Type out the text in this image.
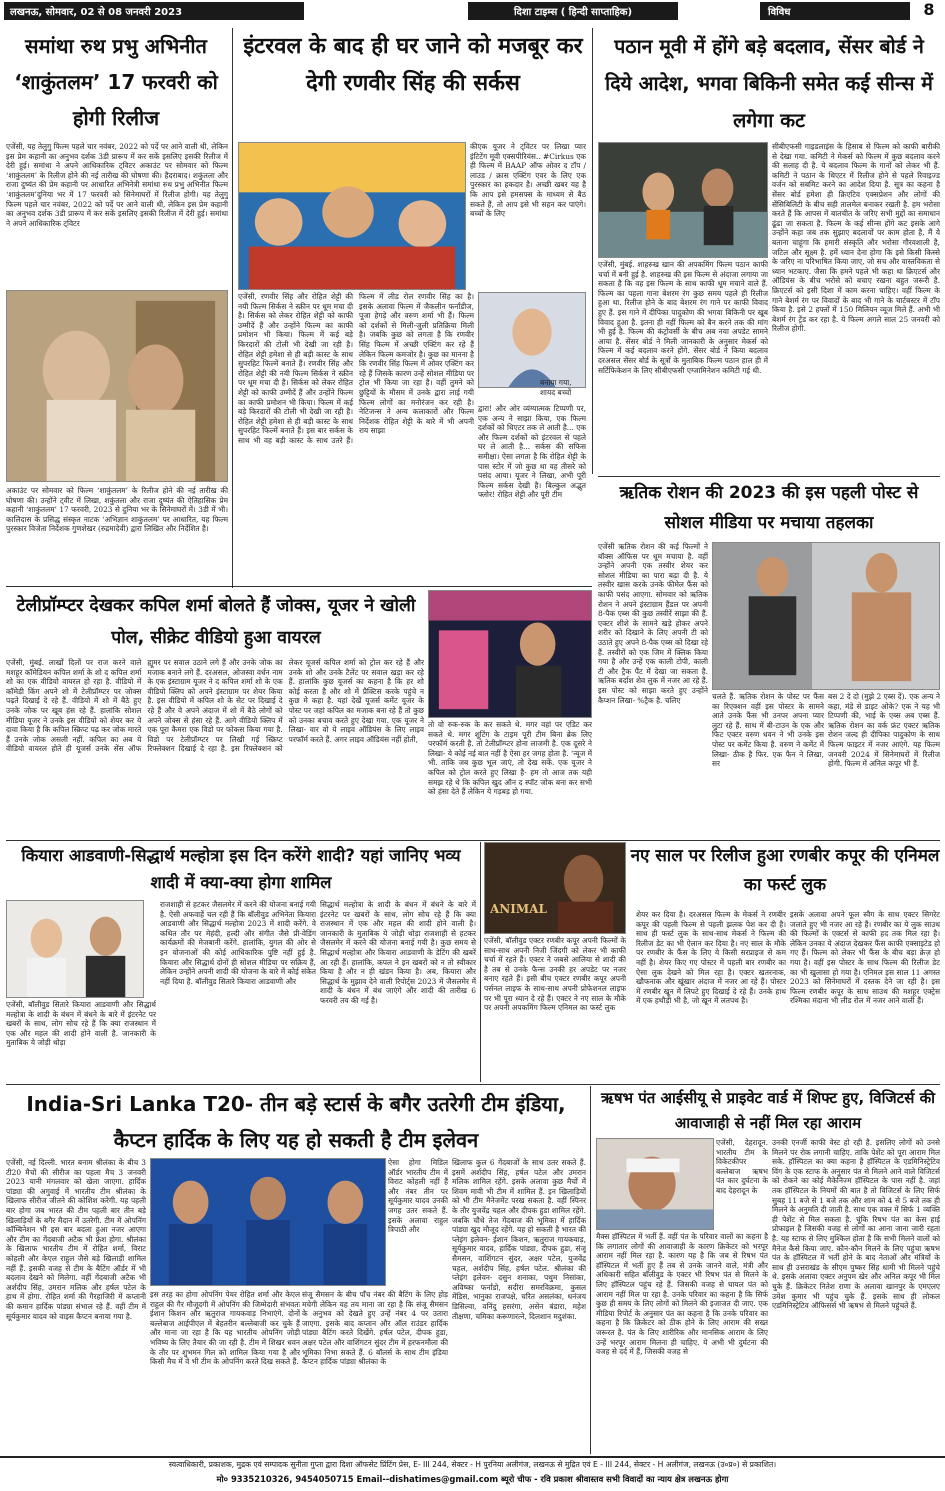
लखनऊ, सोमवार, 02 से 08 जनवरी 2023	दिशा टाइम्स ( हिन्दी साप्ताहिक)	विविध	8
समांथा रुथ प्रभु अभिनीत ‘शाकुंतलम’ 17 फरवरी को होगी रिलीज
एजेंसी, यह तेलुगु फिल्म पहले चार नवंबर, 2022 को पर्दे पर आने वाली थी, लेकिन इस प्रेम कहानी का अनुभव दर्शक 3डी प्रारूप में कर सकें इसलिए इसकी रिलीज में देरी हुई। समांथा ने अपने आधिकारिक ट्विटर अकाउंट पर सोमवार को फिल्म ‘शाकुंतलम’ के रिलीज होने की नई तारीख की घोषणा की। हैदराबाद। शकुंतला और राजा दुष्यंत की प्रेम कहानी पर आधारित अभिनेत्री समांथा रुथ प्रभु अभिनीत फिल्म ‘शाकुंतलम’दुनिया भर में 17 फरवरी को सिनेमाघरों में रिलीज होगी। यह तेलुगु फिल्म पहले चार नवंबर, 2022 को पर्दे पर आने वाली थी, लेकिन इस प्रेम कहानी का अनुभव दर्शक 3डी प्रारूप में कर सकें इसलिए इसकी रिलीज में देरी हुई। समांथा ने अपने आधिकारिक ट्विटर
अकाउंट पर सोमवार को फिल्म ‘शाकुंतलम’ के रिलीज होने की नई तारीख की घोषणा की। उन्होंने ट्वीट में लिखा, शकुंतला और राजा दुष्यंत की ऐतिहासिक प्रेम कहानी ‘शाकुंतलम’ 17 फरवरी, 2023 से दुनिया भर के सिनेमाघरों में। 3डी में भी। कालिदास के प्रसिद्ध संस्कृत नाटक ‘अभिज्ञान शाकुंतलम’ पर आधारित, यह फिल्म पुरस्कार विजेता निर्देशक गुणशेखर (रुद्रमादेवी) द्वारा लिखित और निर्देशित है।
इंटरवल के बाद ही घर जाने को मजबूर कर देगी रणवीर सिंह की सर्कस
कीएक यूजर ने ट्विटर पर लिखा प्यार इंटिटेंग मूवी एक्सपीरियंस.. #Cirkus एक ही फिल्म में BAAP ऑफ ओवर द टॉप / लाउड / क्रास एक्टिंग एवर के लिए एक पुरस्कार का हकदार है। अच्छी खबर यह है कि आप इसे हमसफ्स के माध्यम से बैठ सकते हैं, तो आप इसे भी सहन कर पाएंगे। बच्चों के लिए
एजेंसी, रणवीर सिंह और रोहित शेट्टी की नयी फिल्म सिर्कस ने स्क्रीन पर धूम मचा दी है। सिर्कस को लेकर रोहित शेट्टी को काफी उम्मीदें हैं और उन्होंने फिल्म का काफी प्रमोशन भी किया। फिल्म में कई बड़े किरदारों की टोली भी देखी जा रही है। रोहित शेट्टी हमेशा से ही बड़ी कास्ट के साथ सुपरहिट फिल्में बनाते हैं। रणवीर सिंह और रोहित शेट्टी की नयी फिल्म सिर्कस ने स्क्रीन पर धूम मचा दी है। सिर्कस को लेकर रोहित शेट्टी को काफी उम्मीदें हैं और उन्होंने फिल्म का काफी प्रमोशन भी किया। फिल्म में कई बड़े किरदारों की टोली भी देखी जा रही है। रोहित शेट्टी हमेशा से ही बड़ी कास्ट के साथ सुपरहिट फिल्में बनाते हैं। इस बार सर्कस के साथ भी वह बड़ी कास्ट के साथ उतरे हैं। फिल्म में लीड रोल रणवीर सिंह का है। इसके अलावा फिल्म में जैकलीन फर्नांडीज, पूजा हेगड़े और वरुण शर्मा भी हैं। फिल्म को दर्शकों से मिली-जुली प्रतिक्रिया मिली है। जबकि कुछ को लगता है कि रणवीर सिंह फिल्म में अच्छी एक्टिंग कर रहे हैं लेकिन फिल्म कमजोर है। कुछ का मानना है कि रणवीर सिंह फिल्म में ओवर एक्टिंग कर रहे हैं जिसके कारण उन्हें सोशल मीडिया पर ट्रोल भी किया जा रहा है। वहीं तुमने को छुट्टियों के मौसम में उनके द्वारा लाई गयी फिल्म लोगों का मनोरंजन कर रही है। नेटिजन्स ने अन्य कलाकारों और फिल्म निर्देशक रोहित शेट्टी के बारे में भी अपनी राय साझा
बनाया गया, शायद बच्चों
द्वारा! और ओर व्यंग्यात्मक टिप्पणी पर, एक अन्य ने साझा किया, एक फिल्म दर्शकों को थिएटर तक ले आती है... एक और फिल्म दर्शकों को इंटरवल से पहले घर ले आती है... सर्कस की सफिस समीक्षा। ऐसा लगता है कि रोहित शेट्टी के पास स्टोर में जो कुछ था वह तीसरे को पसंद आया। यूजर ने लिखा, अभी पूरी फिल्म सर्कस देखी है। बिल्कुल अद्भुत फ्लोर! रोहित शेट्टी और पूरी टीम
पठान मूवी में होंगे बड़े बदलाव, सेंसर बोर्ड ने दिये आदेश, भगवा बिकिनी समेत कई सीन्स में लगेगा कट
एजेंसी, मुंबई. शाहरुख खान की अपकमिंग फिल्म पठान काफी चर्चा में बनी हुई है. शाहरुख की इस फिल्म से अंदाजा लगाया जा सकता है कि वह इस फिल्म के साथ काफी धूम मचाने वाले हैं. फिल्म का पहला गाना बेशरम रंग कुछ समय पहले ही रिलीज हुआ था. रिलीज होने के बाद बेशरम रंग गाने पर काफी विवाद हुए हैं. इस गाने में दीपिका पादुकोण की भगवा बिकिनी पर खूब विवाद हुआ है. इतना ही नहीं फिल्म को बैन करने तक की मांग भी हुई है. फिल्म की कंट्रोवर्सी के बीच अब नया अपडेट सामने आया है. सेंसर बोर्ड ने मिली जानकारी के अनुसार मेकर्स को फिल्म में कई बदलाव करने होंगे. सेंसर बोर्ड ने किया बदलाव दरअसल सेंसर बोर्ड के सूत्रों के मुताबिक फिल्म पठान हाल ही में सर्टिफिकेशन के लिए सीबीएफसी एग्जामिनेशन कमिटी गई थी.
सीबीएफसी गाइडलाइंस के हिसाब से फिल्म को काफी बारीकी से देखा गया. कमिटी ने मेकर्स को फिल्म में कुछ बदलाव करने की सलाह दी है. ये बदलाव फिल्म के गानों को लेकर भी हैं. कमिटी ने पठान के थिएटर में रिलीज होने से पहले रिवाइज्ड वर्जन को सबमिट करने का आदेश दिया है. सूत्र का कहना है सेंसर बोर्ड हमेशा ही क्रिएटिव एक्सप्रेशन और लोगों की सेंसिबिलिटी के बीच सही तालमेल बनाकर रखती है. हम भरोसा करते हैं कि आपस में बातचीत के जरिए सभी मुद्दों का समाधान ढूंढा जा सकता है. फिल्म के कई सीन्स होंगे कट इसके आगे उन्होंने कहा जब तक सुझाए बदलावों पर काम होता है, मैं ये बताना चाहूंगा कि हमारी संस्कृति और भरोसा गौरवशाली है, जटिल और सूक्ष्म है. हमें ध्यान देना होगा कि इसे किसी किस्से के जरिए ना परिभाषित किया जाए, जो सच और वास्तविकता से ध्यान भटकाए. जैसा कि हमने पहले भी कहा था क्रिएटर्स और ऑडियंस के बीच भरोसे को बचाए रखना बहुत जरूरी है. क्रिएटर्स को इसी दिशा में काम करना चाहिए। वहीं फिल्म के गाने बेशर्म रंग पर विवादों के बाद भी गाने के चार्टबस्टर में टॉप किया है. इसे 2 हफ्तों में 150 मिलियन व्यूज मिले हैं. अभी भी बेशर्म रंग ट्रेंड कर रहा है. ये फिल्म अगले साल 25 जनवरी को रिलीज होगी.
ऋतिक रोशन की 2023 की इस पहली पोस्ट से सोशल मीडिया पर मचाया तहलका
एजेंसी ऋतिक रोशन की कई फिल्मों ने बॉक्स ऑफिस पर धूम मचाया है. वहीं उन्होंने अपनी एक तस्वीर शेयर कर सोशल मीडिया का पारा बढ़ा दी है. ये तस्वीर खास करके उनके फीमेल फैंस को काफी पसंद आएगा. सोमवार को ऋतिक रोशन ने अपने इंस्टाग्राम हैंडल पर अपनी 8-पैक एब्स की कुछ तस्वीरें साझा की हैं. एक्टर शीशे के सामने खड़े होकर अपने शरीर को दिखाने के लिए अपनी टी को उठाते हुए अपने 8-पैक एब्स को दिखा रहे हैं. तस्वीरों को एक जिम में क्लिक किया गया है और उन्हें एक काली टोपी, काली टी और ट्रैक पैंट में देखा जा सकता है. ऋतिक बर्दाश शेव लुक में नजर आ रहे हैं. इस पोस्ट को साझा करते हुए उन्होंने कैप्शन लिखा- %ट्रैक है. चलिए	चलते हैं. ऋतिक रोशन के पोस्ट पर फैंस का रिएक्शन वहीं इस पोस्टर के सामने आते उनके फैंस भी उनपर अपना प्यार लुटा रहे हैं. साथ में बी-टाउन के एक और फिट एक्टर वरुण धवन ने भी उनके इस पोस्ट पर कमेंट किया है. वरुण ने कमेंट में लिखा- ठीक है फिर. एक फैन ने लिखा, सर
बस 2 दे दो (मुझे 2 एब्स दें). एक अन्य ने कहा, मंडे से डाइट ओके? एक ने यह भी टिप्पणी की, भाई के एब्स अब एब्स हैं. ऋतिक रोशन का वर्क फ्रंट एक्टर ऋतिक रोशन जल्द ही दीपिका पादुकोण के साथ फिल्म फाइटर में नजर आएंगे. यह फिल्म जनवरी 2024 में सिनेमाघरों में रिलीज होगी. फिल्म में अनिल कपूर भी हैं.
टेलीप्रॉम्प्टर देखकर कपिल शर्मा बोलते हैं जोक्स, यूजर ने खोली पोल, सीक्रेट वीडियो हुआ वायरल
एजेंसी, मुंबई. लाखों दिलों पर राज करने वाले मशहूर कॉमेडियन कपिल शर्मा के शो द कपिल शर्मा शो का एक वीडियो वायरल हो रहा है. वीडियो में कॉमेडी किंग अपने शो में टेलीप्रॉम्प्टर पर जोक्स पढ़ते दिखाई दे रहे हैं. वीडियो में शो में बैठे हुए उनके जोक पर खूब हंस रहे हैं. हालांकि सोशल मीडिया यूजर ने उनके इस वीडियो को शेयर कर ये दावा किया है कि कपिल स्क्रिप्ट पढ़ कर जोक मारते हैं उनके जोक असली नहीं. कपिल का अब ये वीडियो वायरल होते ही यूजर्स उनके सेंस ऑफ ह्यूमर पर सवाल उठाने लगे हैं और उनके जोक का मजाक बनाने लगे हैं. दरअसल, ओजस्वा वर्धन नाम के एक इंस्टाग्राम यूजर ने द कपिल शर्मा शो के एक वीडियो क्लिप को अपने इंस्टाग्राम पर शेयर किया है. इस वीडियो में कपिल शो के सेट पर दिखाई दे रहे हैं और वे अपने अंदाज में शो में बैठे लोगों को अपने जोक्स से हंसा रहे हैं. आगे वीडियो क्लिप में एक पूरा कैमरा एक विडो पर फोकस किया गया है. विडो पर टेलीप्रॉम्प्टर पर लिखी गई स्क्रिप्ट रिफ्लेक्शन दिखाई दे रहा है. इस रिफ्लेक्शन को लेकर यूजर्स कपिल शर्मा को ट्रोल कर रहे हैं और उनके शो और उनके टैलेंट पर सवाल खड़ा कर रहे हैं. हालांकि कुछ यूजर्स का कहना है कि हर शो कोई करता है और शो में प्रैक्टिस करके पहुंचे न कुछ मे कहा है. यहां देखें यूजर्स कमेंट यूजर के पोस्ट पर जहां कपिल का मजाक बना रहे हैं तो कुछ को उनका बचाव करते हुए देखा गया. एक यूजर ने लिखा- वार वो ये लाइव ऑडियंस के लिए लाइव परफॉर्म करते हैं. अगर लाइव ऑडियंस नहीं होती,
तो वो रुक-रुक के कर सकते थे. मगर वहां पर एडिट कर सकते थे. मगर शूटिंग के टाइम पूरी टीम बिना ब्रेक लिए परफॉर्म करती है. तो टेलीप्रॉम्प्टर होना लाजमी है. एक दूसरे ने लिखा- ये कोई नई बात नहीं है ऐसा हर जगह होता है. ‘न्यूज में भी. ताकि जब कुछ भूल जाएं, तो देख सकें. एक यूजर ने कपिल को ट्रोल करते हुए लिखा है- हम तो आज तक यही समझ रहे थे कि कपिल खुद ऑन द स्पॉट जोक बना कर सभी को हंसा देते हैं लेकिन ये गड़बड़ हो गया.
कियारा आडवाणी-सिद्धार्थ मल्होत्रा इस दिन करेंगे शादी? यहां जानिए भव्य शादी में क्या-क्या होगा शामिल
एजेंसी, बॉलीवुड सितारे कियारा आडवाणी और सिद्धार्थ मल्होत्रा के शादी के बंधन में बंधने के बारे में इंटरनेट पर खबरों के साथ, लोग सोच रहे हैं कि क्या राजस्थान में एक और महल की शादी होने वाली है. जानकारी के मुताबिक ये जोड़ी थोड़ा
राजशाही से हटकर जैसलमेर में करने की योजना बनाई गयी है. ऐसी अफवाहें चल रही हैं कि बॉलीवुड अभिनेता कियारा आडवाणी और सिद्धार्थ मल्होत्रा 2023 में शादी करेंगे. वे कथित तौर पर मेहंदी, हल्दी और संगीत जैसे प्री-वेडिंग कार्यक्रमों की मेजबानी करेंगे. हालांकि, युगल की ओर से इन योजनाओं की कोई आधिकारिक पुष्टि नहीं हुई है. कियारा और सिद्धार्थ दोनों ही सोशल मीडिया पर सक्रिय हैं, लेकिन उन्होंने अपनी शादी की योजना के बारे में कोई संकेत नहीं दिया है. बॉलीवुड सितारे कियारा आडवाणी और
सिद्धार्थ मल्होत्रा के शादी के बंधन में बंधने के बारे में इंटरनेट पर खबरों के साथ, लोग सोच रहे हैं कि क्या राजस्थान में एक और महल की शादी होने वाली है। जानकारी के मुताबिक ये जोड़ी थोड़ा राजशाही से हटकर जैसलमेर में करने की योजना बनाई गयी है। कुछ समय से सिद्धार्थ मल्होत्रा और कियारा आडवाणी के डेटिंग की खबरें आ रही हैं। हालांकि, कपल ने इन खबरों को न तो स्वीकार किया है और न ही खंडन किया है। अब, कियारा और सिद्धार्थ के मुझाव देने वाली रिपोर्ट्स 2023 में जैसलमेर में शादी के बंधन में बंध जाएंगे और शादी की तारीख 6 फरवरी तय की गई है।
ANIMAL
नए साल पर रिलीज हुआ रणबीर कपूर की एनिमल का फर्स्ट लुक
एजेंसी, बॉलीवुड एक्टर रणबीर कपूर अपनी फिल्मों के साथ-साथ अपनी निजी जिंदगी को लेकर भी काफी चर्चा में रहते हैं। एक्टर ने जबसे आलिया से शादी की है तब से उनके फैन्स उनकी हर अपडेट पर नजर बनाए रहते हैं। इसी बीच एक्टर रणबीर कपूर अपनी पर्सनल लाइफ के साथ-साथ अपनी प्रोफेशनल लाइफ पर भी पूरा ध्यान दे रहे हैं। एक्टर ने नए साल के मौके पर अपनी अपकमिंग फिल्म एनिमल का फर्स्ट लुक
शेयर कर दिया है। दरअसल फिल्म के मेकर्स ने रणबीर कपूर की पहली फिल्म से पहली झलक पेश कर दी है। साथ ही फर्स्ट लुक के साथ-साथ मेकर्स ने फिल्म की रिलीज डेट का भी ऐलान कर दिया है। नए साल के मौके पर रणबीर के फैंस के लिए ये किसी सरप्राइज से कम नहीं है। शेयर किए गए पोस्टर में पहली बार रणबीर का ऐसा लुक देखने को मिल रहा है। एक्टर खतरनाक, खौफनाक और खूंखार अंदाज में नजर आ रहे हैं। पोस्टर में रणबीर खून में लिपटे हुए दिखाई दे रहे हैं। उनके हाथ में एक हथौड़ी भी है, जो खून में लतपथ है।
इसके अलावा अपने फूल स्वैग के साथ एक्टर सिगरेट जलाते हुए भी नजर आ रहे हैं। रणबीर का ये लुक साउथ की फिल्मों के एक्टर्स से काफी हद तक मिल रहा है। लेकिन उनका ये अंदाज देखकर फैंस काफी एक्साइटेड हो गए हैं। फिल्म को लेकर भी फैंस के बीच बड़ा क्रेज़ हो गया है। वहीं इस पोस्टर के साथ फिल्म की रिलीज डेट का भी खुलासा हो गया है। एनिमल इस साल 11 अगस्त 2023 को सिनेमाघरों में दस्तक देने जा रही है। इस फिल्म रणबीर कपूर के साथ साउथ की मशहूर एक्ट्रेस रश्मिका मंदाना भी लीड रोल में नजर आने वाली हैं।
India-Sri Lanka T20- तीन बड़े स्टार्स के बगैर उतरेगी टीम इंडिया, कैप्टन हार्दिक के लिए यह हो सकती है टीम इलेवन
एजेंसी, नई दिल्ली. भारत बनाम श्रीलंका के बीच 3 टी20 मैचों की सीरीज का पहला मैच 3 जनवरी 2023 यानी मंगलवार को खेला जाएगा. हार्दिक पांड्या की अगुवाई में भारतीय टीम श्रीलंका के खिलाफ सीरीज जीतने की कोशिश करेगी. यह पहली बार होगा जब भारत की टीम पहली बार तीन बड़े खिलाड़ियों के बगैर मैदान में उतरेगी. टीम में ओपनिंग कॉम्बिनेशन भी इस बार बदला हुआ नजर आएगा और टीम का गेंदबाजी अटैक भी फ्रेश होगा. श्रीलंका के खिलाफ भारतीय टीम में रोहित शर्मा, विराट कोहली और केएल राहुल जैसे बड़े खिलाड़ी शामिल नहीं हैं. इसकी वजह से टीम के बैटिंग ऑर्डर में भी बदलाव देखने को मिलेगा. वहीं गेंदबाजी अटैक भी अर्शदीप सिंह, उमरान मलिक और हर्षल पटेल के हाथ में होगा. रोहित शर्मा की गैरहाजिरी में कप्तानी की कमान हार्दिक पांड्या संभाल रहे हैं. वहीं टीम में सूर्यकुमार यादव को वाइस कैप्टन बनाया गया है.
ऐसा होगा मिडिल ऑर्डर भारतीय टीम में विराट कोहली नहीं हैं और नंबर तीन पर सूर्यकुमार यादव उनकी जगह उतर सकते हैं. इसके अलावा राहुल त्रिपाठी और
इस तरह का होगा ओपनिंग पेयर रोहित शर्मा और केएल राहुल की गैर मौजूदगी में ओपनिंग की जिम्मेदारी संभवतः ईशान किशन और ऋतुराज गायकवाड़ निभाएंगे. दोनों बल्लेबाज आईपीएल में बेहतरीन बल्लेबाजी कर चुके हैं और माना जा रहा है कि यह भारतीय ओपनिंग जोड़ी भविष्य के लिए तैयार की जा रही है. टीम में शिखर धवन के तौर पर शुभमन गिल को शामिल किया गया है और किसी मैच में वे भी टीम के ओपनिंग करते दिख सकते हैं.
संजू सैमसन के बीच पाँच नंबर की बैटिंग के लिए होड़ मचेगी लेकिन यह तय माना जा रहा है कि संजू सैमसन के अनुभव को देखते हुए उन्हें नंबर 4 पर उतारा जाएगा. इसके बाद कप्तान और ऑल राउंडर हार्दिक पांड्या बैटिंग करते दिखेंगे. हर्षल पटेल, दीपक हुडा, अक्षर पटेल और वाशिंगटन सुंदर टीम में हरफनमौला की भूमिका निभा सकते हैं. 6 बॉलर्स के साथ टीम इंडिया कैप्टन हार्दिक पांड्या श्रीलंका के
खिलाफ कुल 6 गेंदबाजों के साथ उतर सकते हैं. इसमें अर्शदीप सिंह, हर्षल पटेल और उमरान मलिक शामिल रहेंगे. इसके अलावा कुछ मैचों में शिवम मावी भी टीम में शामिल हैं. इन खिलाड़ियों को भी टीम मैनेजमेंट परख सकता है. वहीं स्पिनर के तौर युजवेंद्र चहल और दीपक हुडा शामिल रहेंगे. जबकि चौथे तेज गेंदबाज की भूमिका में हार्दिक पांड्या खुद मौजूद रहेंगे. यह हो सकती है भारत की प्लेइंग इलेवन- ईशान किशन, ऋतुराज गायकवाड़, सूर्यकुमार यादव, हार्दिक पांड्या, दीपक हुडा, संजू सैमसन, वाशिंगटन सुंदर, अक्षर पटेल, युजवेंद्र चहल, अर्शदीप सिंह, हर्षल पटेल. श्रीलंका की प्लेइंग इलेवन- दसुन शनाका, पथुम निसांका, अविष्का फर्नांडो, सदीरा समरविक्रमा, कुसल मेंडिस, भानुका राजपक्षे, चरित असलंका, धनंजय डिसिल्वा, वनिंदु हसरंगा, असेन बंडारा, महेश तीक्षणा, चमिका करूणारत्ने, दिलशान मदुशंका.
ऋषभ पंत आईसीयू से प्राइवेट वार्ड में शिफ्ट हुए, विजिटर्स की आवाजाही से नहीं मिल रहा आराम
एजेंसी, देहरादून. भारतीय टीम के विकेटकीपर बल्लेबाज ऋषभ पंत कार दुर्घटना के बाद देहरादून के
मैक्स हॉस्पिटल में भर्ती हैं. वहीं पंत के परिवार वालों का कहना है कि लगातार लोगों की आवाजाही के कारण क्रिकेटर को भरपूर आराम नहीं मिल रहा है. कारण यह है कि जब से रिषभ पंत हॉस्पिटल में भर्ती हुए हैं तब से उनके जानने वाले, मंत्री और अधिकारी सहित बॉलीवुड के एक्टर भी रिषभ पंत से मिलने के लिए हॉस्पिटल पहुंच रहे हैं. जिसकी वजह से घायल पंत को आराम नहीं मिल पा रहा है. उनके परिवार का कहना है कि सिर्फ कुछ ही समय के लिए लोगों को मिलने की इजाजत दी जाए. एक मीडिया रिपोर्ट के अनुसार पंत का कहना है कि उनके परिवार का कहना है कि क्रिकेटर को ठीक होने के लिए आराम की सख्त जरूरत है. पंत के लिए शारीरिक और मानसिक आराम के लिए उन्हें भरपूर आराम मिलना ही चाहिए. ये अभी भी दुर्घटना की वजह से दर्द में हैं, जिसकी वजह से
उनकी एनर्जी काफी वेस्ट हो रही है. इसलिए लोगों को उनसे मिलने पर रोक लगानी चाहिए. ताकि पेशेंट को पूरा आराम मिल सके. हॉस्पिटल का क्या कहना है हॉस्पिटल के एडमिनिस्ट्रेटिव विंग के एक स्टाफ के अनुसार पंत से मिलने आने वाले विजिटर्स को रोकने का कोई मैकेनिज्म हॉस्पिटल के पास नहीं है. जहां तक हॉस्पिटल के नियमों की बात है तो विजिटर्स के लिए सिर्फ सुबह 11 बजे से 1 बजे तक और शाम को 4 से 5 बजे तक ही मिलने के अनुमति दी जाती है. साथ एक वक्त में सिर्फ 1 व्यक्ति ही पेशेंट से मिल सकता है. चूंकि रिषभ पंत का केस हाई प्रोफाइल है जिसकी वजह से लोगों का आना जाना जारी रहता है. यह स्टाफ से लिए मुश्किल होता है कि सभी मिलने वालों को मैनेज कैसे किया जाए. कौन-कौन मिलने के लिए पहुंचा ऋषभ पंत के हॉस्पिटल में भर्ती होने के बाद नेताओं और मंत्रियों के साथ ही उत्तराखंड के सीएम पुष्कर सिंह धामी भी मिलने पहुंचे थे. इसके अलावा एक्टर अनुपम खेर और अनिल कपूर भी मिल चुके हैं. क्रिकेटर नितेश राणा के अलावा खानपुर के एमएलए उमेश कुमार भी पहुंच चुके हैं. इसके साथ ही लोकल एडमिनिस्ट्रेटिव ऑफिसर्स भी ऋषभ से मिलने पहुंचते हैं.
स्वत्वाधिकारी, प्रकाशक, मुद्रक एवं सम्पादक सुनीता गुप्ता द्वारा दिशा ऑफसेट प्रिंटिंग प्रेस, E- III 244, सेक्टर - H पुरनिया अलीगंज, लखनऊ से मुद्रित एवं E - III 244, सेक्टर - H अलीगंज, लखनऊ (उ०प्र०) से प्रकाशित।
मो० 9335210326, 9454050715 Email--dishatimes@gmail.com ब्यूरो चीफ - रवि प्रकाश श्रीवास्तव सभी विवादों का न्याय क्षेत्र लखनऊ होगा
